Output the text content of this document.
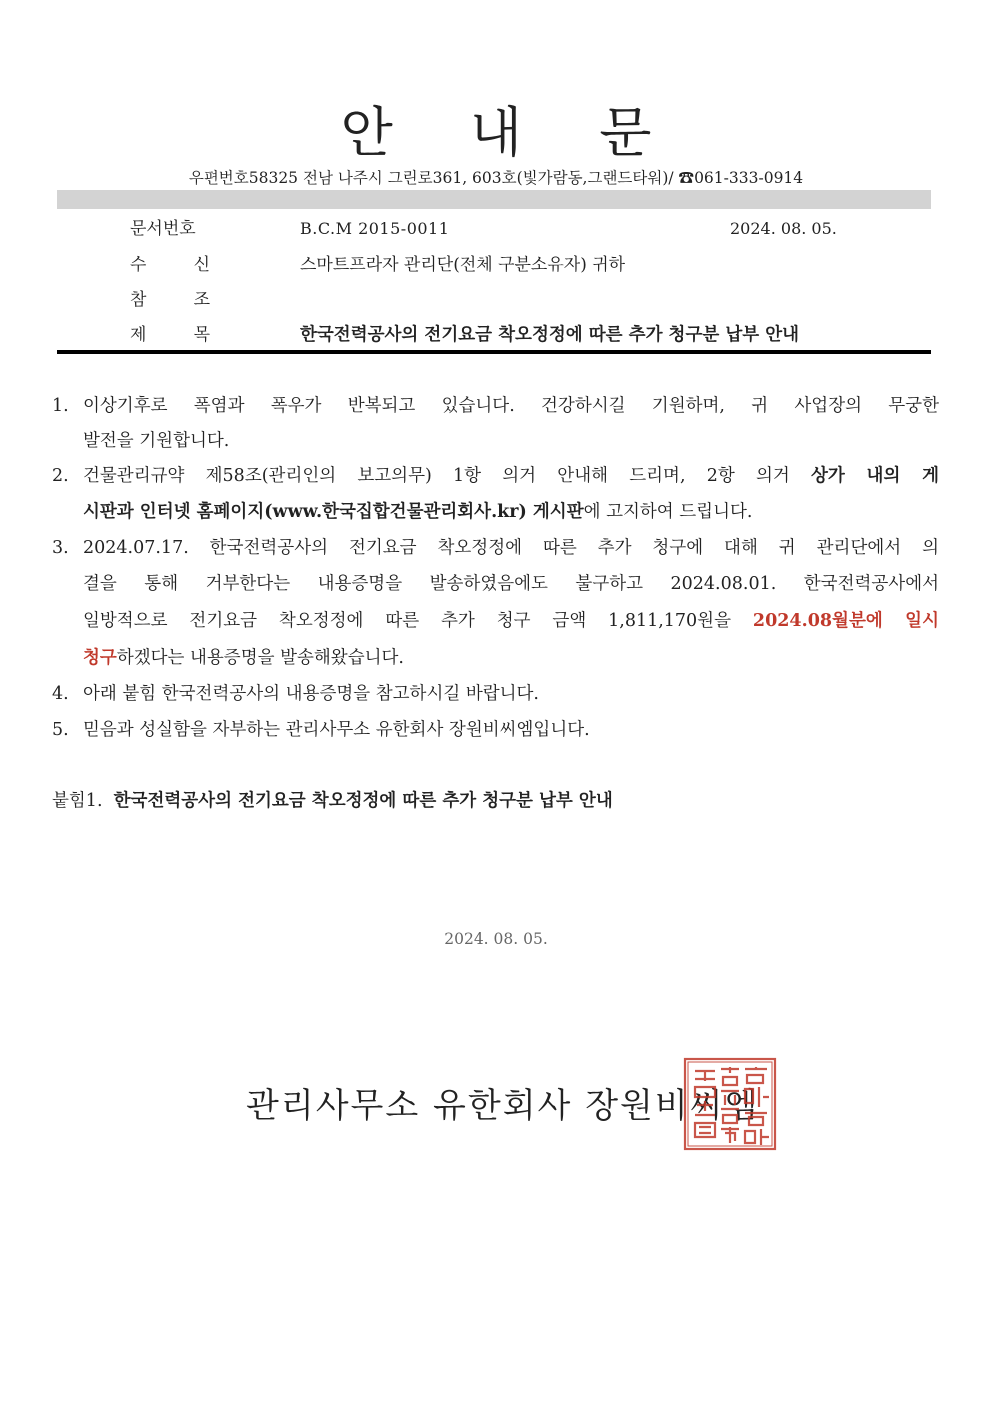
안 내 문
우편번호58325 전남 나주시 그린로361, 603호(빛가람동,그랜드타워)/ ☎061-333-0914
문서번호	B.C.M 2015-0011	2024. 08. 05.
수	신	스마트프라자 관리단(전체 구분소유자) 귀하
참	조
제	목	한국전력공사의 전기요금 착오정정에 따른 추가 청구분 납부 안내
1. 이상기후로 폭염과 폭우가 반복되고 있습니다. 건강하시길 기원하며, 귀 사업장의 무궁한
발전을 기원합니다.
2. 건물관리규약 제58조(관리인의 보고의무) 1항 의거 안내해 드리며, 2항 의거 상가 내의 게
시판과 인터넷 홈페이지(www.한국집합건물관리회사.kr) 게시판에 고지하여 드립니다.
3. 2024.07.17. 한국전력공사의 전기요금 착오정정에 따른 추가 청구에 대해 귀 관리단에서 의
결을 통해 거부한다는 내용증명을 발송하였음에도 불구하고 2024.08.01. 한국전력공사에서
일방적으로 전기요금 착오정정에 따른 추가 청구 금액 1,811,170원을 2024.08월분에 일시
청구하겠다는 내용증명을 발송해왔습니다.
4. 아래 붙힘 한국전력공사의 내용증명을 참고하시길 바랍니다.
5. 믿음과 성실함을 자부하는 관리사무소 유한회사 장원비씨엠입니다.
붙힘1. 한국전력공사의 전기요금 착오정정에 따른 추가 청구분 납부 안내
2024. 08. 05.
관리사무소 유한회사 장원비씨엠
